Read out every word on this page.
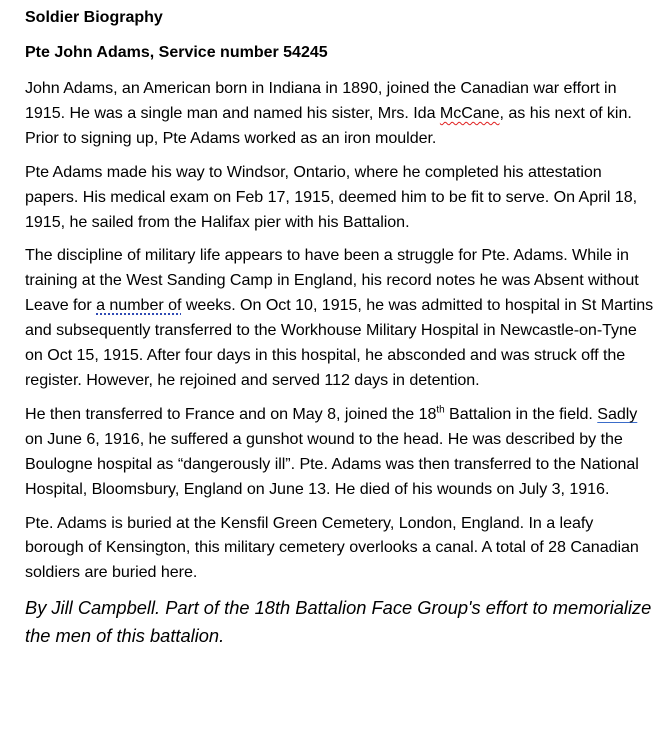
Soldier Biography

Pte John Adams, Service number 54245

John Adams, an American born in Indiana in 1890, joined the Canadian war effort in 1915. He was a single man and named his sister, Mrs. Ida McCane, as his next of kin. Prior to signing up, Pte Adams worked as an iron moulder.

Pte Adams made his way to Windsor, Ontario, where he completed his attestation papers. His medical exam on Feb 17, 1915, deemed him to be fit to serve. On April 18, 1915, he sailed from the Halifax pier with his Battalion.

The discipline of military life appears to have been a struggle for Pte. Adams. While in training at the West Sanding Camp in England, his record notes he was Absent without Leave for a number of weeks. On Oct 10, 1915, he was admitted to hospital in St Martins and subsequently transferred to the Workhouse Military Hospital in Newcastle-on-Tyne on Oct 15, 1915. After four days in this hospital, he absconded and was struck off the register. However, he rejoined and served 112 days in detention.

He then transferred to France and on May 8, joined the 18th Battalion in the field. Sadly on June 6, 1916, he suffered a gunshot wound to the head. He was described by the Boulogne hospital as “dangerously ill”. Pte. Adams was then transferred to the National Hospital, Bloomsbury, England on June 13. He died of his wounds on July 3, 1916.

Pte. Adams is buried at the Kensfil Green Cemetery, London, England. In a leafy borough of Kensington, this military cemetery overlooks a canal. A total of 28 Canadian soldiers are buried here.

By Jill Campbell. Part of the 18th Battalion Face Group's effort to memorialize the men of this battalion.
